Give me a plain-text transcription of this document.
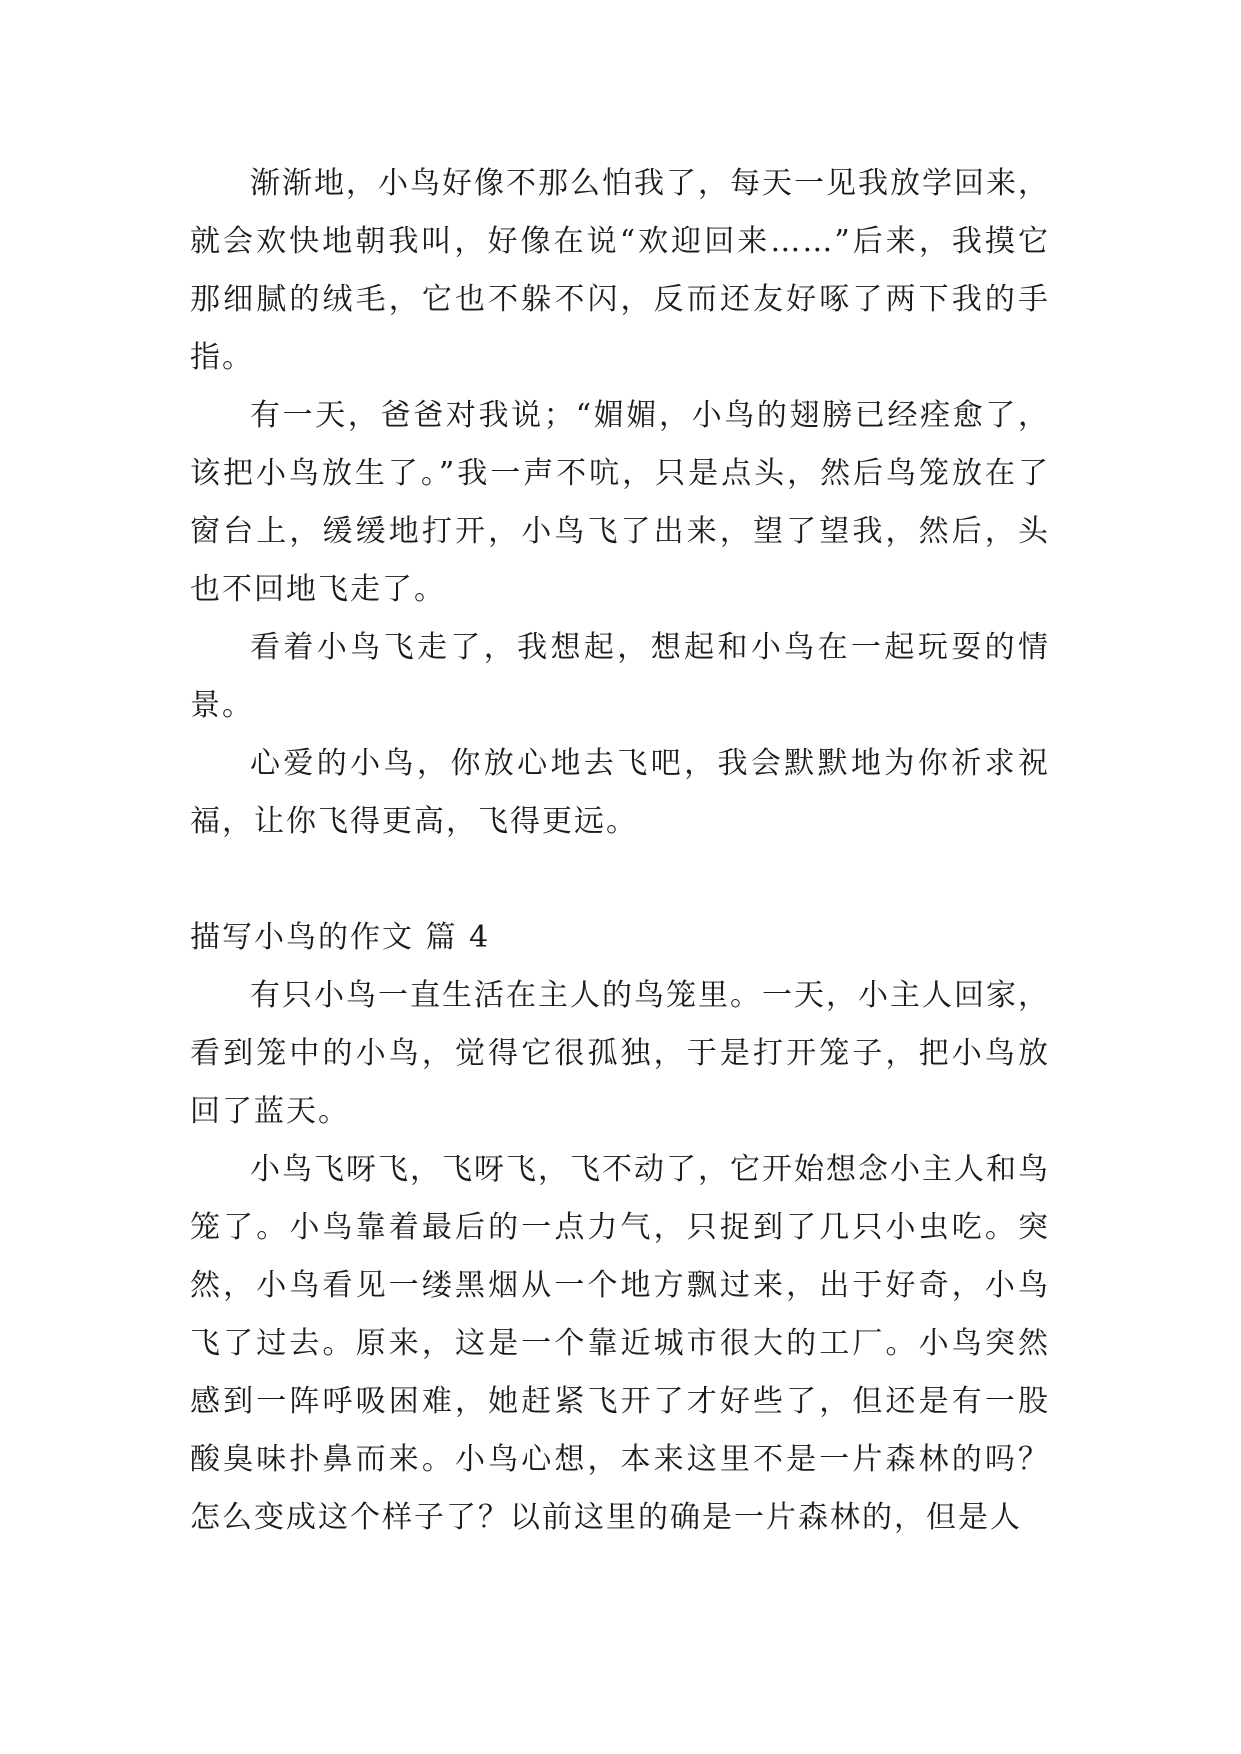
渐渐地，小鸟好像不那么怕我了，每天一见我放学回来，就会欢快地朝我叫，好像在说“欢迎回来……”后来，我摸它那细腻的绒毛，它也不躲不闪，反而还友好啄了两下我的手指。

有一天，爸爸对我说；“媚媚，小鸟的翅膀已经痊愈了，该把小鸟放生了。”我一声不吭，只是点头，然后鸟笼放在了窗台上，缓缓地打开，小鸟飞了出来，望了望我，然后，头也不回地飞走了。

看着小鸟飞走了，我想起，想起和小鸟在一起玩耍的情景。

心爱的小鸟，你放心地去飞吧，我会默默地为你祈求祝福，让你飞得更高，飞得更远。

描写小鸟的作文 篇 4

有只小鸟一直生活在主人的鸟笼里。一天，小主人回家，看到笼中的小鸟，觉得它很孤独，于是打开笼子，把小鸟放回了蓝天。

小鸟飞呀飞，飞呀飞，飞不动了，它开始想念小主人和鸟笼了。小鸟靠着最后的一点力气，只捉到了几只小虫吃。突然，小鸟看见一缕黑烟从一个地方飘过来，出于好奇，小鸟飞了过去。原来，这是一个靠近城市很大的工厂。小鸟突然感到一阵呼吸困难，她赶紧飞开了才好些了，但还是有一股酸臭味扑鼻而来。小鸟心想，本来这里不是一片森林的吗？怎么变成这个样子了？以前这里的确是一片森林的，但是人
